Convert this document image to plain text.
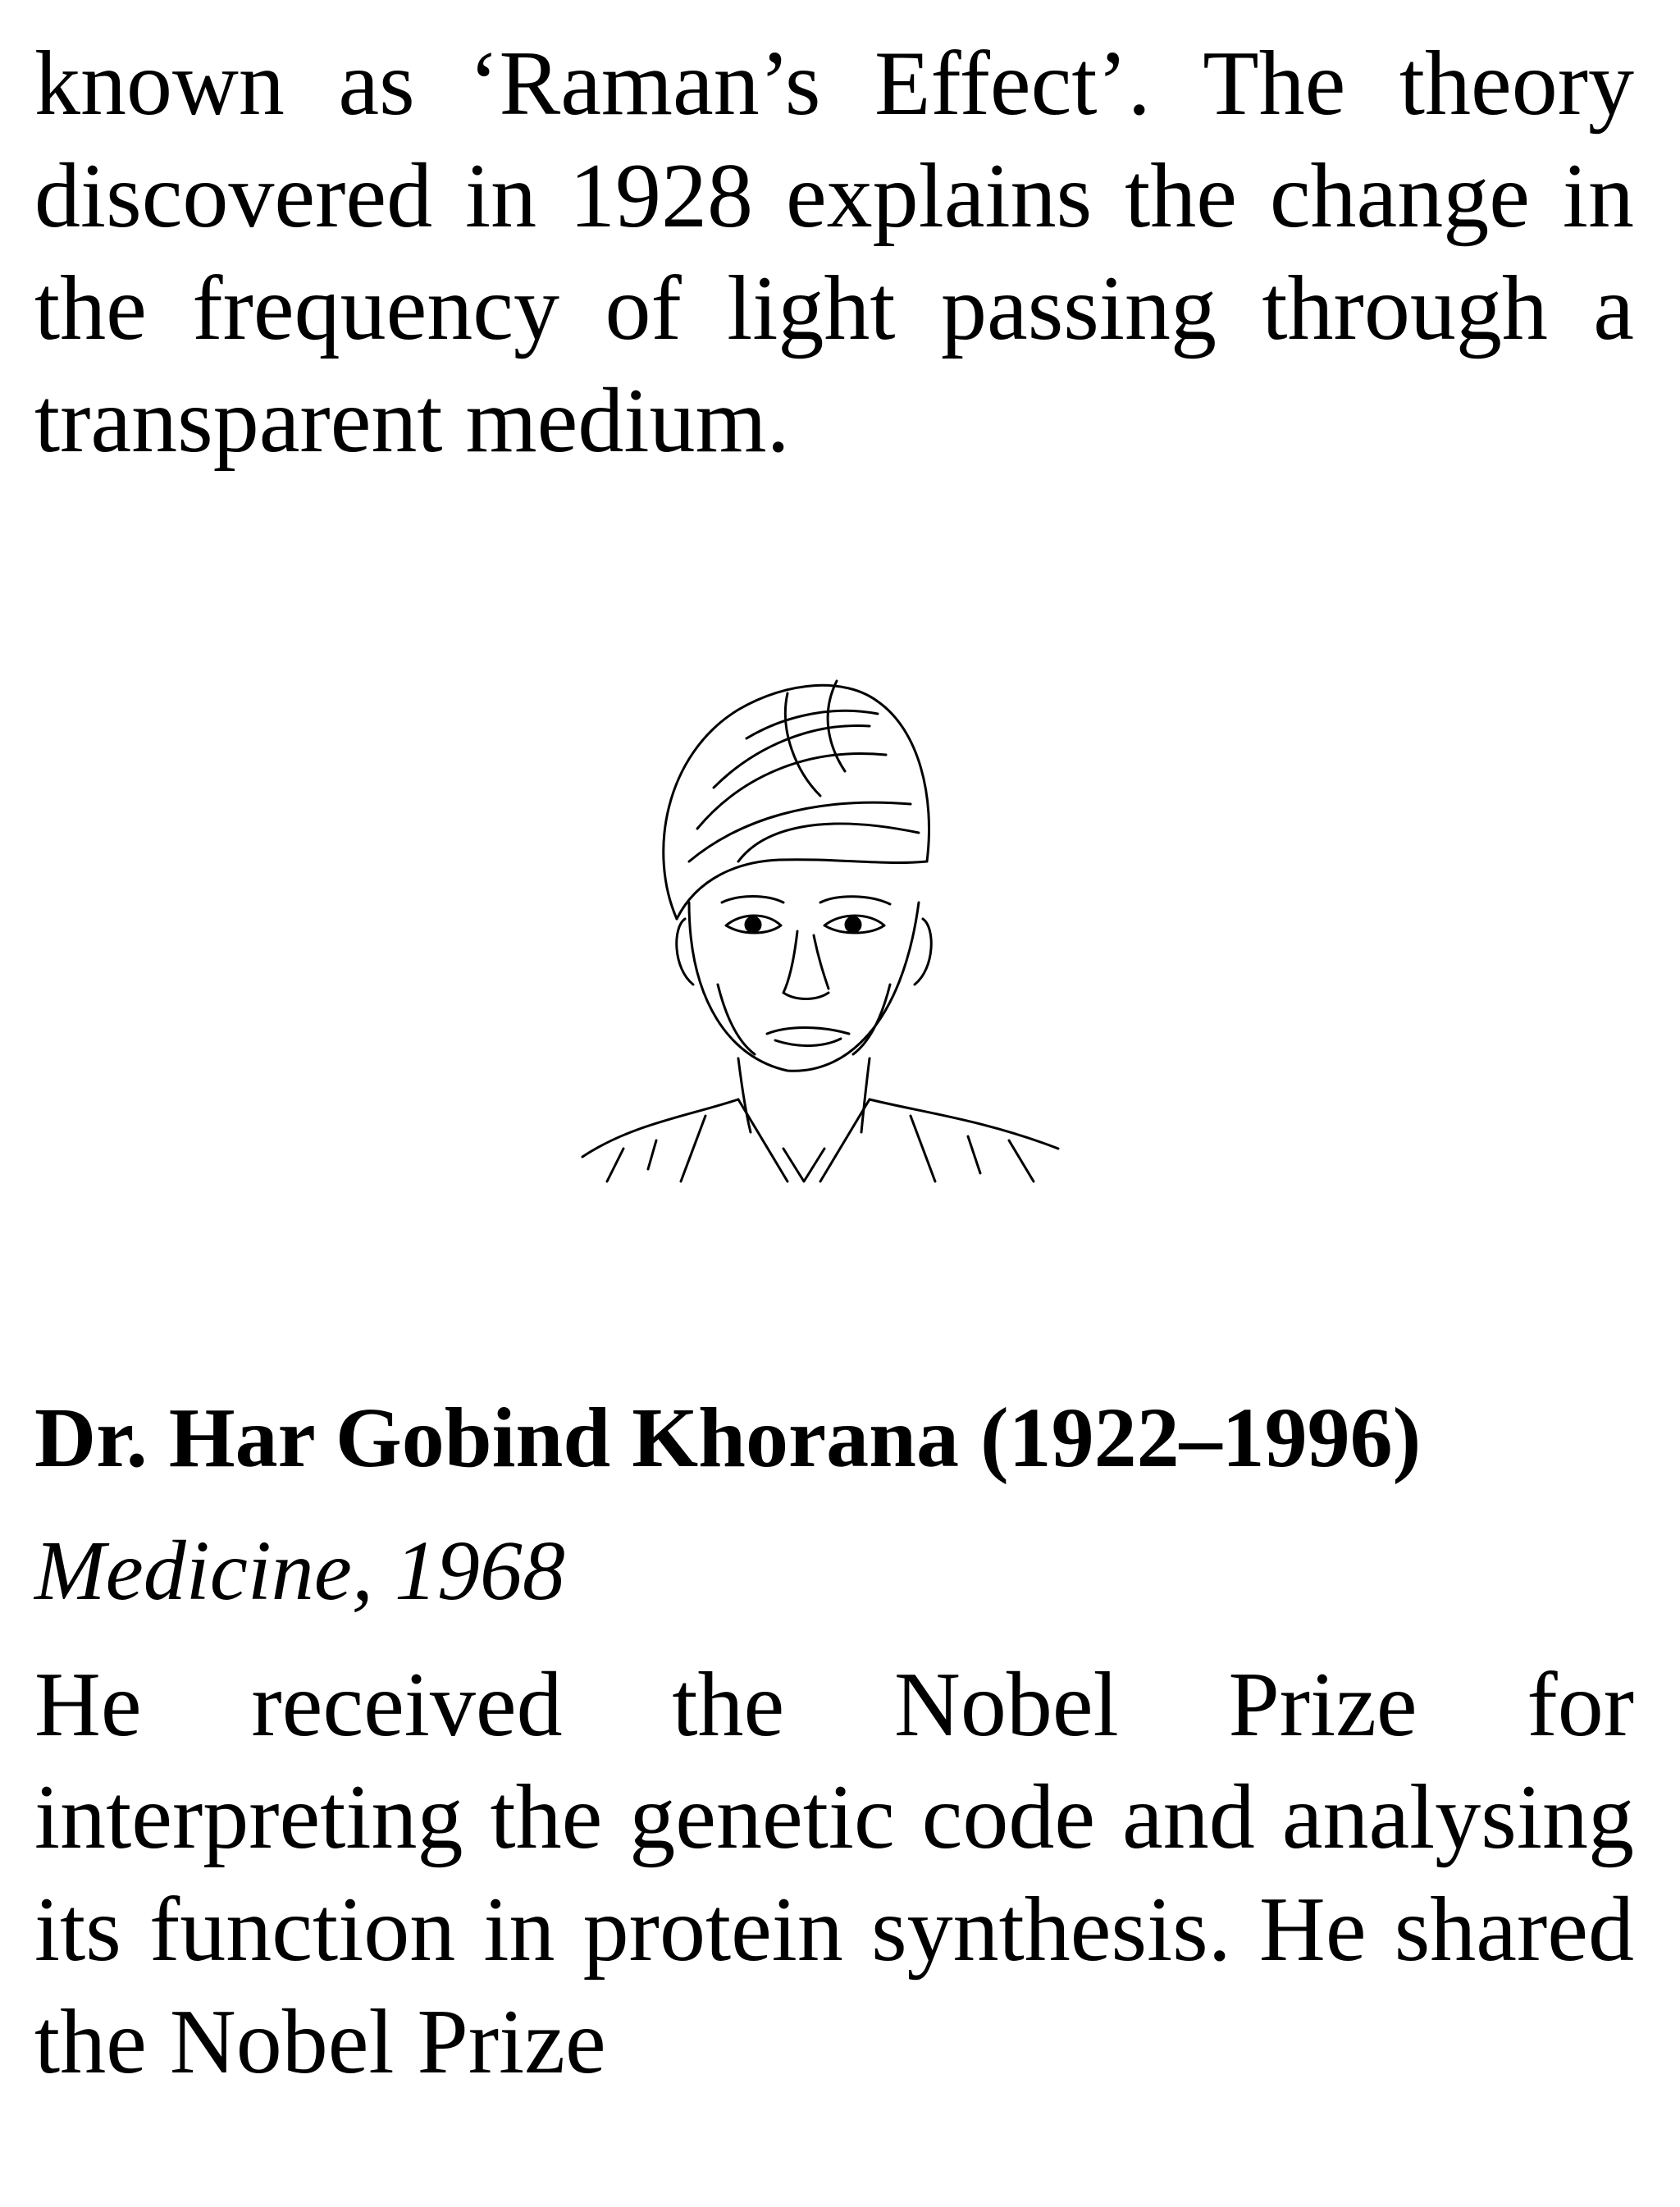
known as ‘Raman’s Effect’. The theory discovered in 1928 explains the change in the frequency of light passing through a transparent medium.

Dr. Har Gobind Khorana (1922–1996)

Medicine, 1968

He received the Nobel Prize for interpreting the genetic code and analysing its function in protein synthesis. He shared the Nobel Prize
